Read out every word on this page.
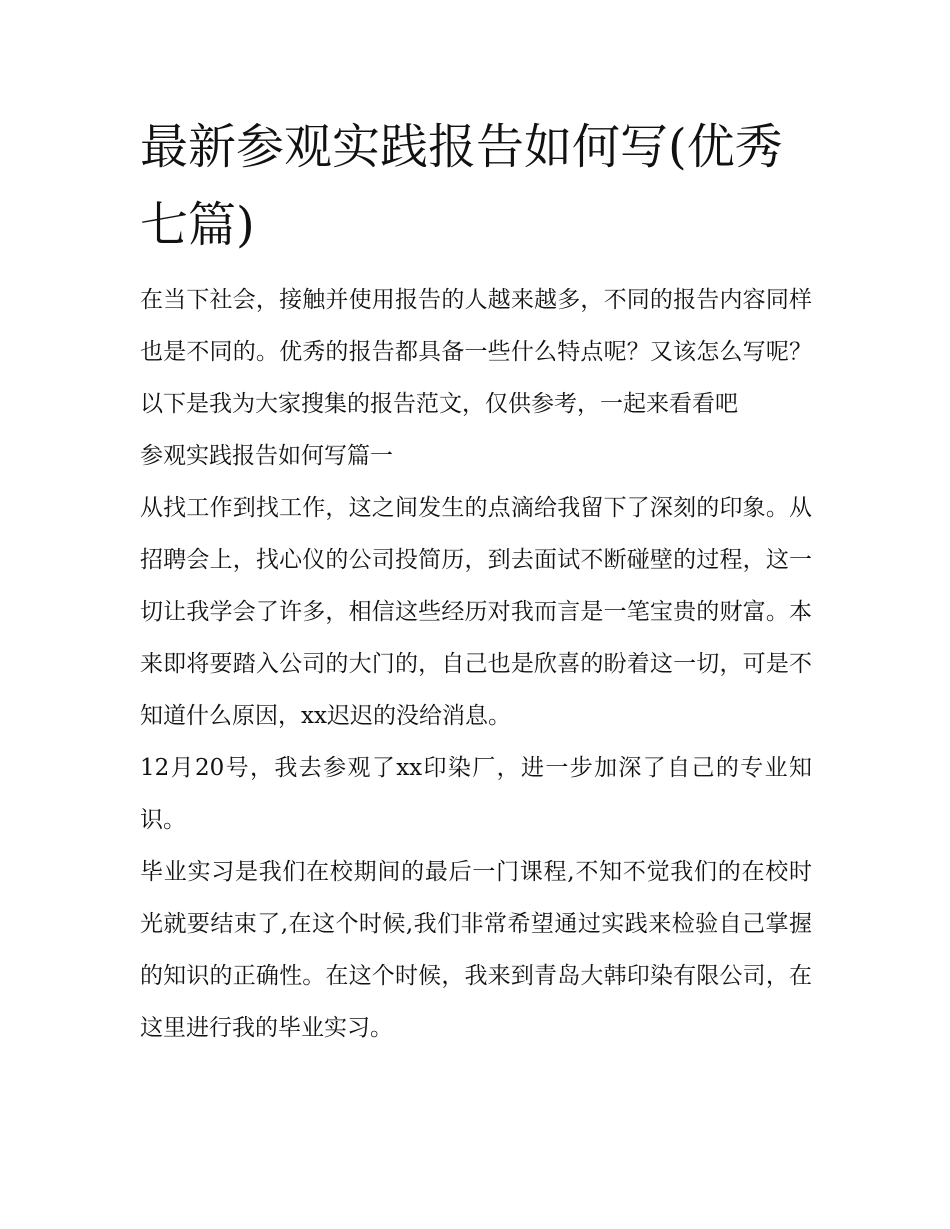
最新参观实践报告如何写(优秀七篇)

在当下社会，接触并使用报告的人越来越多，不同的报告内容同样也是不同的。优秀的报告都具备一些什么特点呢？又该怎么写呢？以下是我为大家搜集的报告范文，仅供参考，一起来看看吧

参观实践报告如何写篇一

从找工作到找工作，这之间发生的点滴给我留下了深刻的印象。从招聘会上，找心仪的公司投简历，到去面试不断碰壁的过程，这一切让我学会了许多，相信这些经历对我而言是一笔宝贵的财富。本来即将要踏入公司的大门的，自己也是欣喜的盼着这一切，可是不知道什么原因，xx迟迟的没给消息。

12月20号，我去参观了xx印染厂，进一步加深了自己的专业知识。

毕业实习是我们在校期间的最后一门课程,不知不觉我们的在校时光就要结束了,在这个时候,我们非常希望通过实践来检验自己掌握的知识的正确性。在这个时候，我来到青岛大韩印染有限公司，在这里进行我的毕业实习。
